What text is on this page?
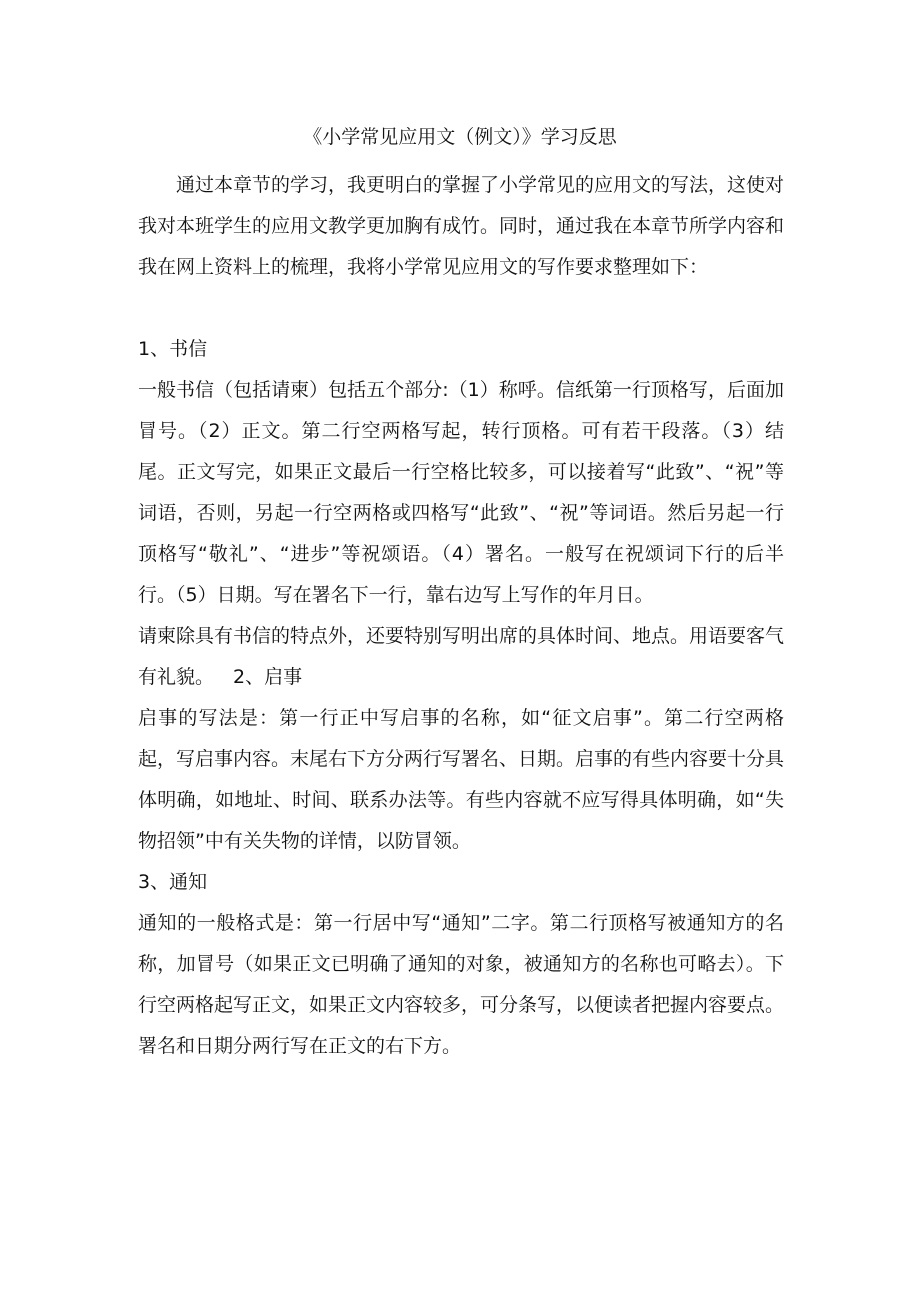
《小学常见应用文（例文）》学习反思

通过本章节的学习，我更明白的掌握了小学常见的应用文的写法，这使对我对本班学生的应用文教学更加胸有成竹。同时，通过我在本章节所学内容和我在网上资料上的梳理，我将小学常见应用文的写作要求整理如下：

1、书信

一般书信（包括请柬）包括五个部分:（1）称呼。信纸第一行顶格写，后面加冒号。（2）正文。第二行空两格写起，转行顶格。可有若干段落。（3）结尾。正文写完，如果正文最后一行空格比较多，可以接着写“此致”、“祝”等词语，否则，另起一行空两格或四格写“此致”、“祝”等词语。然后另起一行顶格写“敬礼”、“进步”等祝颂语。（4）署名。一般写在祝颂词下行的后半行。（5）日期。写在署名下一行，靠右边写上写作的年月日。

请柬除具有书信的特点外，还要特别写明出席的具体时间、地点。用语要客气有礼貌。 2、启事

启事的写法是：第一行正中写启事的名称，如“征文启事”。第二行空两格起，写启事内容。末尾右下方分两行写署名、日期。启事的有些内容要十分具体明确，如地址、时间、联系办法等。有些内容就不应写得具体明确，如“失物招领”中有关失物的详情，以防冒领。

3、通知

通知的一般格式是：第一行居中写“通知”二字。第二行顶格写被通知方的名称，加冒号（如果正文已明确了通知的对象，被通知方的名称也可略去）。下行空两格起写正文，如果正文内容较多，可分条写，以便读者把握内容要点。署名和日期分两行写在正文的右下方。
